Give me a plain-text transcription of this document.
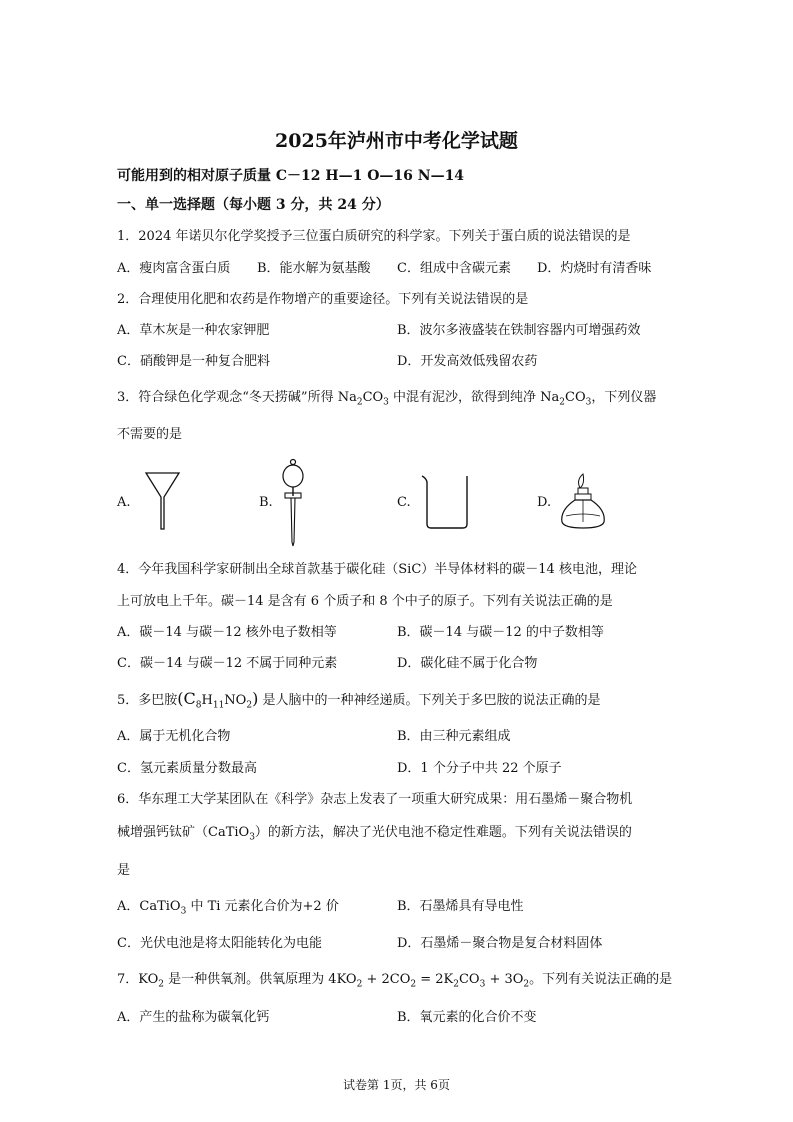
2025年泸州市中考化学试题
可能用到的相对原子质量 C－12 H—1 O—16 N—14
一、单一选择题（每小题 3 分，共 24 分）
1．2024 年诺贝尔化学奖授予三位蛋白质研究的科学家。下列关于蛋白质的说法错误的是
A．瘦肉富含蛋白质 B．能水解为氨基酸 C．组成中含碳元素 D．灼烧时有清香味
2．合理使用化肥和农药是作物增产的重要途径。下列有关说法错误的是
A．草木灰是一种农家钾肥	B．波尔多液盛装在铁制容器内可增强药效
C．硝酸钾是一种复合肥料	D．开发高效低残留农药
3．符合绿色化学观念“冬天捞碱”所得 $Na_2CO_3$ 中混有泥沙，欲得到纯净 $Na_2CO_3$，下列仪器
不需要的是
A.	B.	C.	D.
4．今年我国科学家研制出全球首款基于碳化硅（SiC）半导体材料的碳－14 核电池，理论
上可放电上千年。碳－14 是含有 6 个质子和 8 个中子的原子。下列有关说法正确的是
A．碳－14 与碳－12 核外电子数相等	B．碳－14 与碳－12 的中子数相等
C．碳－14 与碳－12 不属于同种元素	D．碳化硅不属于化合物
5．多巴胺$(C_8H_{11}NO_2)$ 是人脑中的一种神经递质。下列关于多巴胺的说法正确的是
A．属于无机化合物	B．由三种元素组成
C．氢元素质量分数最高	D．1 个分子中共 22 个原子
6．华东理工大学某团队在《科学》杂志上发表了一项重大研究成果：用石墨烯－聚合物机
械增强钙钛矿（CaTiO$_3$）的新方法，解决了光伏电池不稳定性难题。下列有关说法错误的
是
A．CaTiO$_3$ 中 Ti 元素化合价为+2 价	B．石墨烯具有导电性
C．光伏电池是将太阳能转化为电能	D．石墨烯－聚合物是复合材料固体
7．$KO_2$ 是一种供氧剂。供氧原理为 $4KO_2 + 2CO_2 = 2K_2CO_3 + 3O_2$。下列有关说法正确的是
A．产生的盐称为碳氧化钙	B．氧元素的化合价不变
试卷第 1页，共 6页
